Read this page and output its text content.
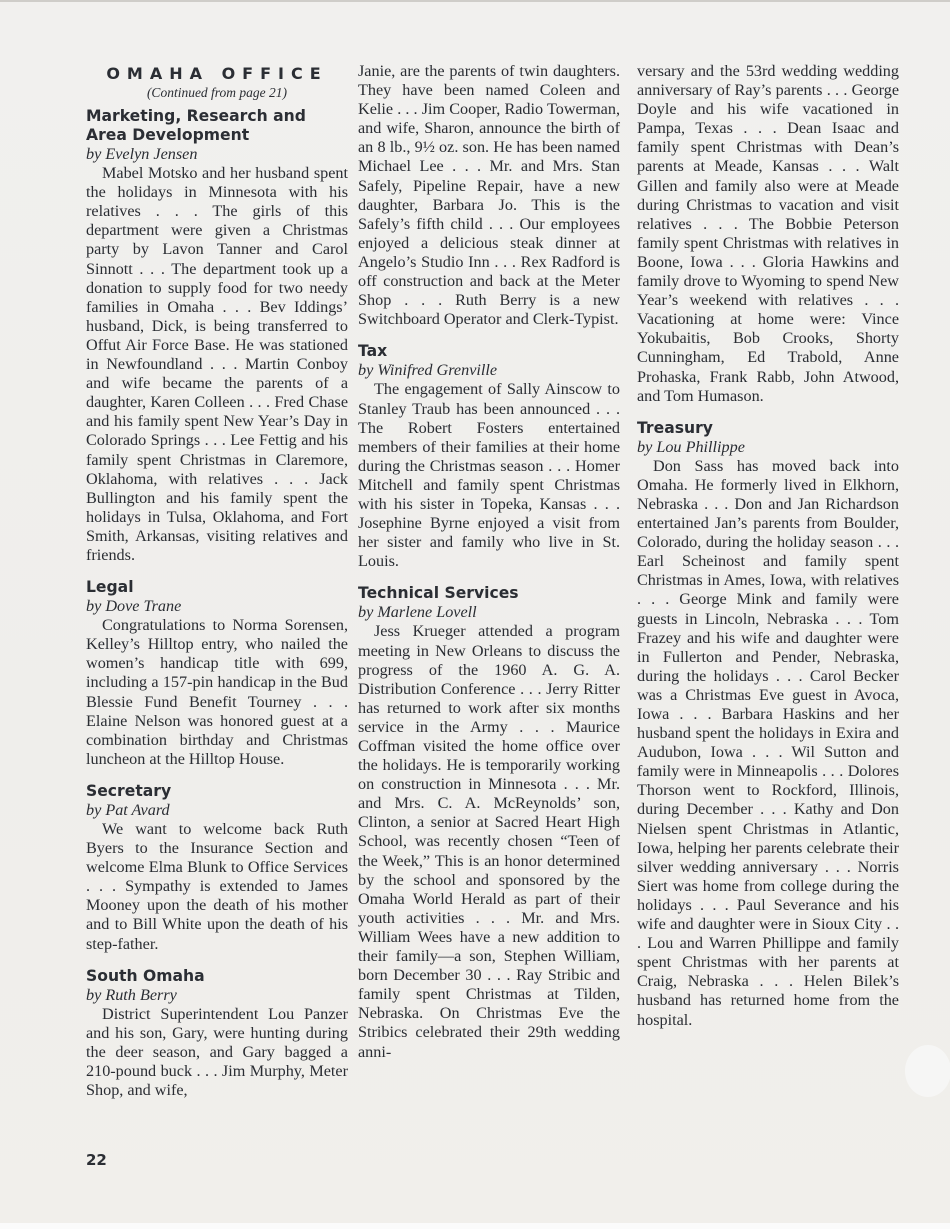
OMAHA OFFICE

(Continued from page 21)

Marketing, Research and Area Development

by Evelyn Jensen

Mabel Motsko and her husband spent the holidays in Minnesota with his relatives . . . The girls of this department were given a Christmas party by Lavon Tanner and Carol Sinnott . . . The department took up a donation to supply food for two needy families in Omaha . . . Bev Iddings’ husband, Dick, is being transferred to Offut Air Force Base. He was stationed in Newfoundland . . . Martin Conboy and wife became the parents of a daughter, Karen Colleen . . . Fred Chase and his family spent New Year’s Day in Colorado Springs . . . Lee Fettig and his family spent Christmas in Claremore, Oklahoma, with relatives . . . Jack Bullington and his family spent the holidays in Tulsa, Oklahoma, and Fort Smith, Arkansas, visiting relatives and friends.

Legal

by Dove Trane

Congratulations to Norma Sorensen, Kelley’s Hilltop entry, who nailed the women’s handicap title with 699, including a 157-pin handicap in the Bud Blessie Fund Benefit Tourney . . . Elaine Nelson was honored guest at a combination birthday and Christmas luncheon at the Hilltop House.

Secretary

by Pat Avard

We want to welcome back Ruth Byers to the Insurance Section and welcome Elma Blunk to Office Services . . . Sympathy is extended to James Mooney upon the death of his mother and to Bill White upon the death of his step-father.

South Omaha

by Ruth Berry

District Superintendent Lou Panzer and his son, Gary, were hunting during the deer season, and Gary bagged a 210-pound buck . . . Jim Murphy, Meter Shop, and wife,

Janie, are the parents of twin daughters. They have been named Coleen and Kelie . . . Jim Cooper, Radio Towerman, and wife, Sharon, announce the birth of an 8 lb., 9½ oz. son. He has been named Michael Lee . . . Mr. and Mrs. Stan Safely, Pipeline Repair, have a new daughter, Barbara Jo. This is the Safely’s fifth child . . . Our employees enjoyed a delicious steak dinner at Angelo’s Studio Inn . . . Rex Radford is off construction and back at the Meter Shop . . . Ruth Berry is a new Switchboard Operator and Clerk-Typist.

Tax

by Winifred Grenville

The engagement of Sally Ainscow to Stanley Traub has been announced . . . The Robert Fosters entertained members of their families at their home during the Christmas season . . . Homer Mitchell and family spent Christmas with his sister in Topeka, Kansas . . . Josephine Byrne enjoyed a visit from her sister and family who live in St. Louis.

Technical Services

by Marlene Lovell

Jess Krueger attended a program meeting in New Orleans to discuss the progress of the 1960 A. G. A. Distribution Conference . . . Jerry Ritter has returned to work after six months service in the Army . . . Maurice Coffman visited the home office over the holidays. He is temporarily working on construction in Minnesota . . . Mr. and Mrs. C. A. McReynolds’ son, Clinton, a senior at Sacred Heart High School, was recently chosen “Teen of the Week,” This is an honor determined by the school and sponsored by the Omaha World Herald as part of their youth activities . . . Mr. and Mrs. William Wees have a new addition to their family—a son, Stephen William, born December 30 . . . Ray Stribic and family spent Christmas at Tilden, Nebraska. On Christmas Eve the Stribics celebrated their 29th wedding anni-

versary and the 53rd wedding wedding anniversary of Ray’s parents . . . George Doyle and his wife vacationed in Pampa, Texas . . . Dean Isaac and family spent Christmas with Dean’s parents at Meade, Kansas . . . Walt Gillen and family also were at Meade during Christmas to vacation and visit relatives . . . The Bobbie Peterson family spent Christmas with relatives in Boone, Iowa . . . Gloria Hawkins and family drove to Wyoming to spend New Year’s weekend with relatives . . . Vacationing at home were: Vince Yokubaitis, Bob Crooks, Shorty Cunningham, Ed Trabold, Anne Prohaska, Frank Rabb, John Atwood, and Tom Humason.

Treasury

by Lou Phillippe

Don Sass has moved back into Omaha. He formerly lived in Elkhorn, Nebraska . . . Don and Jan Richardson entertained Jan’s parents from Boulder, Colorado, during the holiday season . . . Earl Scheinost and family spent Christmas in Ames, Iowa, with relatives . . . George Mink and family were guests in Lincoln, Nebraska . . . Tom Frazey and his wife and daughter were in Fullerton and Pender, Nebraska, during the holidays . . . Carol Becker was a Christmas Eve guest in Avoca, Iowa . . . Barbara Haskins and her husband spent the holidays in Exira and Audubon, Iowa . . . Wil Sutton and family were in Minneapolis . . . Dolores Thorson went to Rockford, Illinois, during December . . . Kathy and Don Nielsen spent Christmas in Atlantic, Iowa, helping her parents celebrate their silver wedding anniversary . . . Norris Siert was home from college during the holidays . . . Paul Severance and his wife and daughter were in Sioux City . . . Lou and Warren Phillippe and family spent Christmas with her parents at Craig, Nebraska . . . Helen Bilek’s husband has returned home from the hospital.

22
